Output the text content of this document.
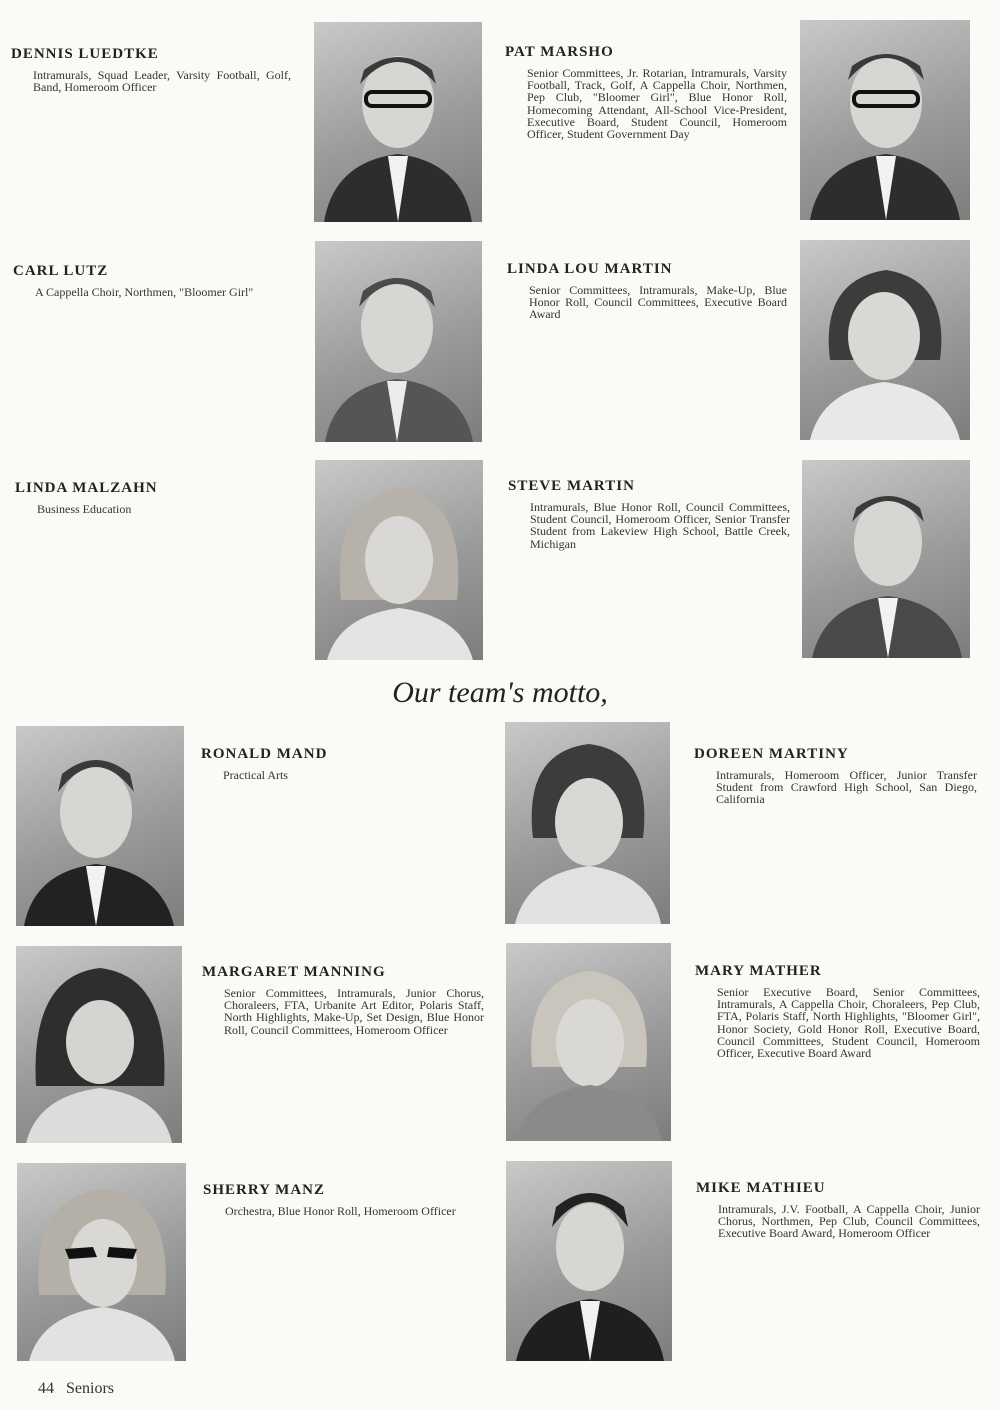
DENNIS LUEDTKE
Intramurals, Squad Leader, Varsity Football, Golf, Band, Homeroom Officer
PAT MARSHO
Senior Committees, Jr. Rotarian, Intramurals, Varsity Football, Track, Golf, A Cappella Choir, Northmen, Pep Club, "Bloomer Girl", Blue Honor Roll, Homecoming Attendant, All-School Vice-President, Executive Board, Student Council, Homeroom Officer, Student Government Day
CARL LUTZ
A Cappella Choir, Northmen, "Bloomer Girl"
LINDA LOU MARTIN
Senior Committees, Intramurals, Make-Up, Blue Honor Roll, Council Committees, Executive Board Award
LINDA MALZAHN
Business Education
STEVE MARTIN
Intramurals, Blue Honor Roll, Council Committees, Student Council, Homeroom Officer, Senior Transfer Student from Lakeview High School, Battle Creek, Michigan
Our team's motto,
RONALD MAND
Practical Arts
DOREEN MARTINY
Intramurals, Homeroom Officer, Junior Transfer Student from Crawford High School, San Diego, California
MARGARET MANNING
Senior Committees, Intramurals, Junior Chorus, Choraleers, FTA, Urbanite Art Editor, Polaris Staff, North Highlights, Make-Up, Set Design, Blue Honor Roll, Council Committees, Homeroom Officer
MARY MATHER
Senior Executive Board, Senior Committees, Intramurals, A Cappella Choir, Choraleers, Pep Club, FTA, Polaris Staff, North Highlights, "Bloomer Girl", Honor Society, Gold Honor Roll, Executive Board, Council Committees, Student Council, Homeroom Officer, Executive Board Award
SHERRY MANZ
Orchestra, Blue Honor Roll, Homeroom Officer
MIKE MATHIEU
Intramurals, J.V. Football, A Cappella Choir, Junior Chorus, Northmen, Pep Club, Council Committees, Executive Board Award, Homeroom Officer
44 Seniors
